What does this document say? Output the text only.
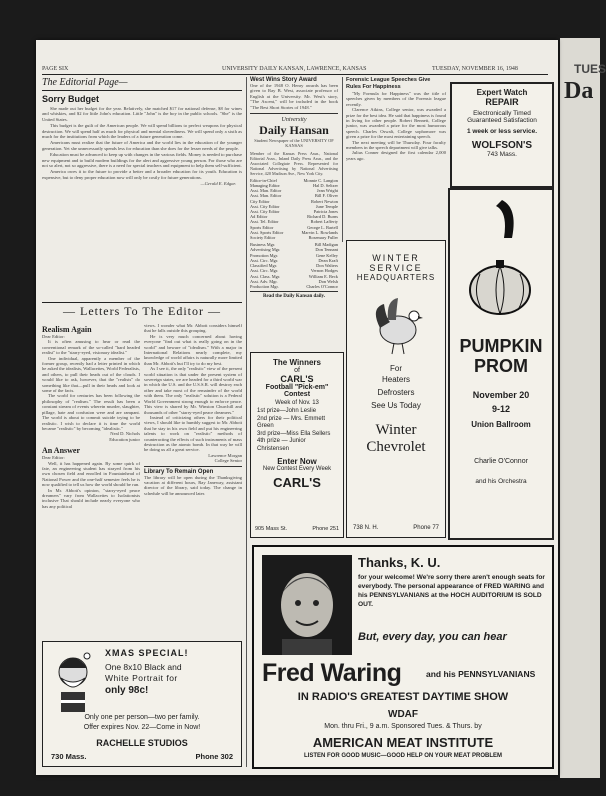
TUES
Da
PAGE SIX	UNIVERSITY DAILY KANSAN, LAWRENCE, KANSAS	TUESDAY, NOVEMBER 16, 1948
The Editorial Page—
Sorry Budget

She made out her budget for the year. Relatively, she matched $17 for national defense, $8 for wines and whiskies, and $2 for little John's education. Little "John" is the boy in the public schools. "She" is the United States.

This budget is the guilt of the American people. We will spend billions to perfect weapons for physical destruction. We will spend half as much for physical and mental slovenliness. We will spend only a sixth as much for the institutions from which the leaders of a future generation come.

Americans must realize that the future of America and the world lies in the education of the younger generation. Yet she unnecessarily spends less for education than she does for the lesser needs of the people.

Education must be advanced to keep up with changes in the various fields. Money is needed to purchase new equipment and to build modern buildings for the alert and aggressive young person. For those who are not so alert, not so aggressive, there is a need for special teachers and equipment to help them self-sufficient.

America owes it to the future to provide a better and a broader education for its youth. Education is expensive, but to deny proper education now will only be costly for future generations.

—Gerald E. Edgar.
— Letters To The Editor —
Realism Again
Dear Editor:

It is often amusing to hear or read the conventional remark of the so-called "hard headed realist" to the "starry-eyed, visionary idealist."

One individual, apparently a member of the former group, recently had a letter printed in which he asked the idealists, Wallaceites, World Federalists, and others, to pull their heads out of the clouds. I would like to ask, however, that the "realists" do something like that—pull in their heads and look at some of the facts.

The world for centuries has been following the philosophy of "realism." The result has been a constant stream of events wherein murder, slaughter, pillage, hate and confusion were and are rampant. The world is about to commit suicide trying to be realistic. I wish to declare it is time the world became "realistic" by becoming "idealistic."

Neal D. Nichols
Education junior
An Answer
Dear Editor:

Well, it has happened again. By some quirk of fate, an engineering student has strayed from his own chosen field and enrolled in Fountainhead of National Power and the one-half semester feels he is now qualified to tell us how the world should be run.

In Mr. Abbott's opinion, "starry-eyed peace dreamers" vary from Wallaceites to Isolationists inclusive That should include nearly everyone who has any political

views. I wonder what Mr. Abbott considers himself that he falls outside this grouping.

He is very much concerned about having everyone "find out what is really going on in the world" and beware of "idealism." With a major in International Relations nearly complete, my knowledge of world affairs is naturally more limited than Mr. Abbott's but I'll try to do my best.

As I see it, the only "realistic" view of the present world situation is that under the present system of sovereign states, we are headed for a third world war in which the U.S. and the U.S.S.R. will destroy each other and take most of the remainder of the world with them. The only "realistic" solution is a Federal World Government strong enough to enforce peace. This view is shared by Mr. Winston Churchill and thousands of other "starry-eyed peace dreamers."

Instead of criticizing others for their political views, I should like to humbly suggest to Mr. Abbott that he stay in his own field and put his engineering talents to work on "realistic" methods of counteracting the effects of such instruments of mass destruction as the atomic bomb. In that way he will be doing us all a great service.

Lawrence Morgan
College Senior
Library To Remain Open
The library will be open during the Thanksgiving vacation at different hours, Ray Janeway, assistant director of the library, said today. The change in schedule will be announced later.
XMAS SPECIAL!
One 8x10 Black and
White Portrait for
only 98c!
Only one per person—two per family.
Offer expires Nov. 22—Come in Now!
RACHELLE STUDIOS
730 Mass.	Phone 302
West Wins Story Award
One of the 1948 O. Henry awards has been given to Ray B. West, associate professor of English at the University. Mr. West's story, "The Ascent," will be included in the book "The Best Short Stories of 1948."
University
Daily Hansan
Student Newspaper of the UNIVERSITY OF KANSAS
Member of the Kansas Press Assn., National Editorial Assn., Inland Daily Press Assn., and the Associated Collegiate Press. Represented for National Advertising by National Advertising Service, 420 Madison Ave., New York City.
Editor-in-Chief	Monnie C. Langton
Managing Editor	Hal D. Seltzer
Asst. Man. Editor	Jean Wright
Asst. Man. Editor	Bill F. Oliver
City Editor	Robert Newton
Asst. City Editor	June Temple
Asst. City Editor	Patricia Jones
Ad Editor	Richard D. Burns
Asst. Tel. Editor	Robert Lafferty
Sports Editor	George L. Bartell
Asst. Sports Editor	Marvin L. Rowlands
Society Editor	Rosemary Fuller
Business Mgr.	Bill Madigan
Advertising Mgr.	Don Tennant
Promotion Mgr.	Gene Kelley
Asst. Circ. Mgr.	Dean Kraft
Classified Mgr.	Don Walters
Asst. Circ. Mgr.	Vernon Hodges
Asst. Class. Mgr.	William E. Beck
Asst. Adv. Mgr.	Don Welsh
Production Mgr.	Charles O'Connor
Read the Daily Kansan daily.
Forensic League Speeches Give Rules For Happiness

"My Formula for Happiness" was the title of speeches given by members of the Forensic league recently.

Clarence Atkins, College senior, was awarded a prize for the best idea. He said that happiness is found in living for other people. Robert Bennett, College junior, was awarded a prize for the most humorous speech. Charles Oswalt, College sophomore was given a prize for the most entertaining speech.

The next meeting will be Thursday. Four faculty members in the speech department will give talks.

Julius Conner designed the first calendar 2,000 years ago.

Expert Watch
REPAIR
Electronically Timed
Guaranteed Satisfaction
1 week or less service.
WOLFSON'S
743 Mass.
WINTER
SERVICE
HEADQUARTERS
For
Heaters
Defrosters
See Us Today
Winter
Chevrolet
738 N. H.	Phone 77
PUMPKIN
PROM
November 20
9-12
Union Ballroom
Charlie O'Connor
and his Orchestra
The Winners
of
CARL'S
Football "Pick-em"
Contest
Week of Nov. 13
1st prize—John Leslie
2nd prize — Mrs. Emmett Green
3rd prize—Miss Ella Sellers
4th prize — Junior Christensen
Enter Now
New Contest Every Week
CARL'S
905 Mass St.	Phone 251
Thanks, K. U.
for your welcome! We're sorry there aren't enough seats for everybody. The personal appearance of FRED WARING and his PENNSYLVANIANS at the HOCH AUDITORIUM IS SOLD OUT.
But, every day, you can hear
Fred Waring	and his PENNSYLVANIANS
IN RADIO'S GREATEST DAYTIME SHOW
WDAF
Mon. thru Fri., 9 a.m. Sponsored Tues. & Thurs. by
AMERICAN MEAT INSTITUTE
LISTEN FOR GOOD MUSIC—GOOD HELP ON YOUR MEAT PROBLEM
